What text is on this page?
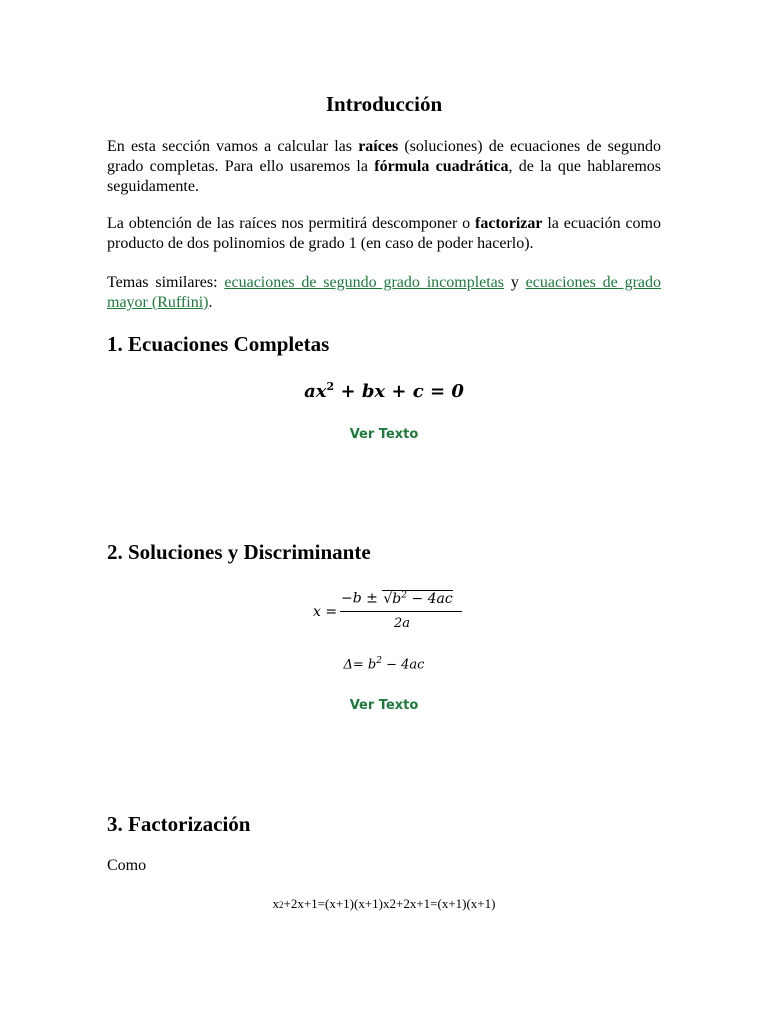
Introducción

En esta sección vamos a calcular las raíces (soluciones) de ecuaciones de segundo grado completas. Para ello usaremos la fórmula cuadrática, de la que hablaremos seguidamente.

La obtención de las raíces nos permitirá descomponer o factorizar la ecuación como producto de dos polinomios de grado 1 (en caso de poder hacerlo).

Temas similares: ecuaciones de segundo grado incompletas y ecuaciones de grado mayor (Ruffini).

1. Ecuaciones Completas
$ax^2$ + bx + c = 0
Ver Texto
2. Soluciones y Discriminante
x =
$-b \pm √b^2 - 4ac$
2a
$\Delta= b^2 - 4ac$
Ver Texto
3. Factorización

Como

x2+2x+1=(x+1)(x+1)x2+2x+1=(x+1)(x+1)
